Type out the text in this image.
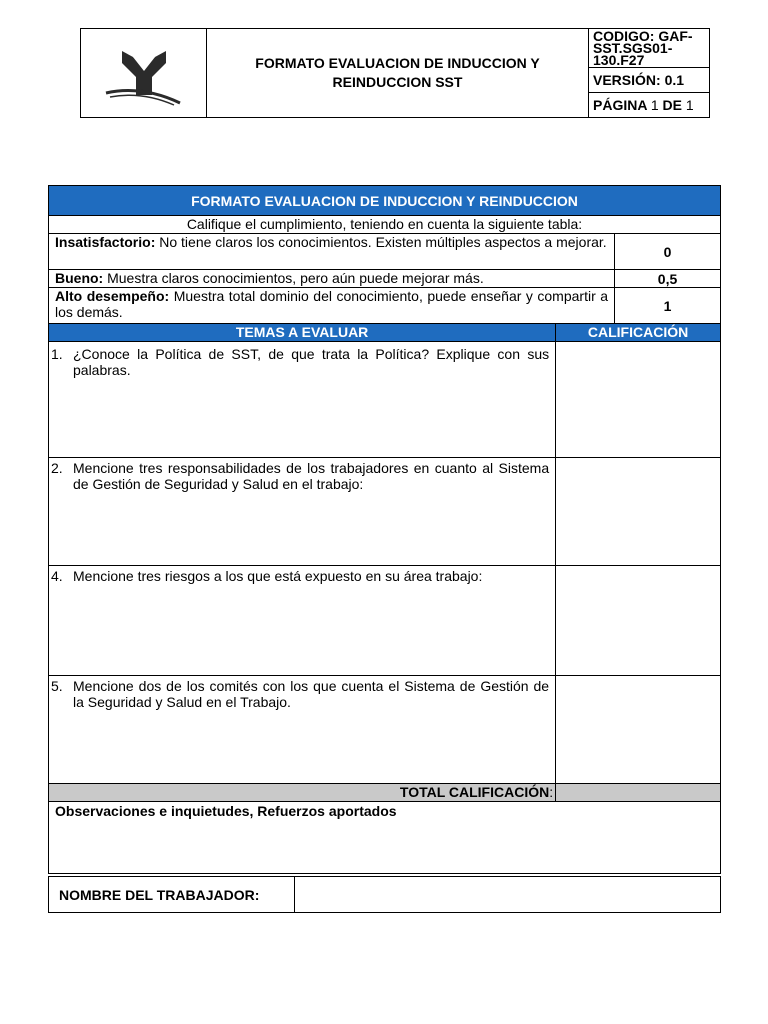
FORMATO EVALUACION DE INDUCCION Y
REINDUCCION SST
	CODIGO: GAF-SST.SGS01-130.F27
VERSIÓN: 0.1
PÁGINA 1 DE 1
FORMATO EVALUACION DE INDUCCION Y REINDUCCION		
Califique el cumplimiento, teniendo en cuenta la siguiente tabla:		
Insatisfactorio: No tiene claros los conocimientos. Existen múltiples aspectos a mejorar.		0
Bueno: Muestra claros conocimientos, pero aún puede mejorar más.		0,5
Alto desempeño: Muestra total dominio del conocimiento, puede enseñar y compartir a los demás.		1
TEMAS A EVALUAR	CALIFICACIÓN	
1. ¿Conoce la Política de SST, de que trata la Política? Explique con sus palabras.		
2. Mencione tres responsabilidades de los trabajadores en cuanto al Sistema de Gestión de Seguridad y Salud en el trabajo:		
4. Mencione tres riesgos a los que está expuesto en su área trabajo:		
5. Mencione dos de los comités con los que cuenta el Sistema de Gestión de la Seguridad y Salud en el Trabajo.		
TOTAL CALIFICACIÓN:		
Observaciones e inquietudes, Refuerzos aportados		
NOMBRE DEL TRABAJADOR:	
